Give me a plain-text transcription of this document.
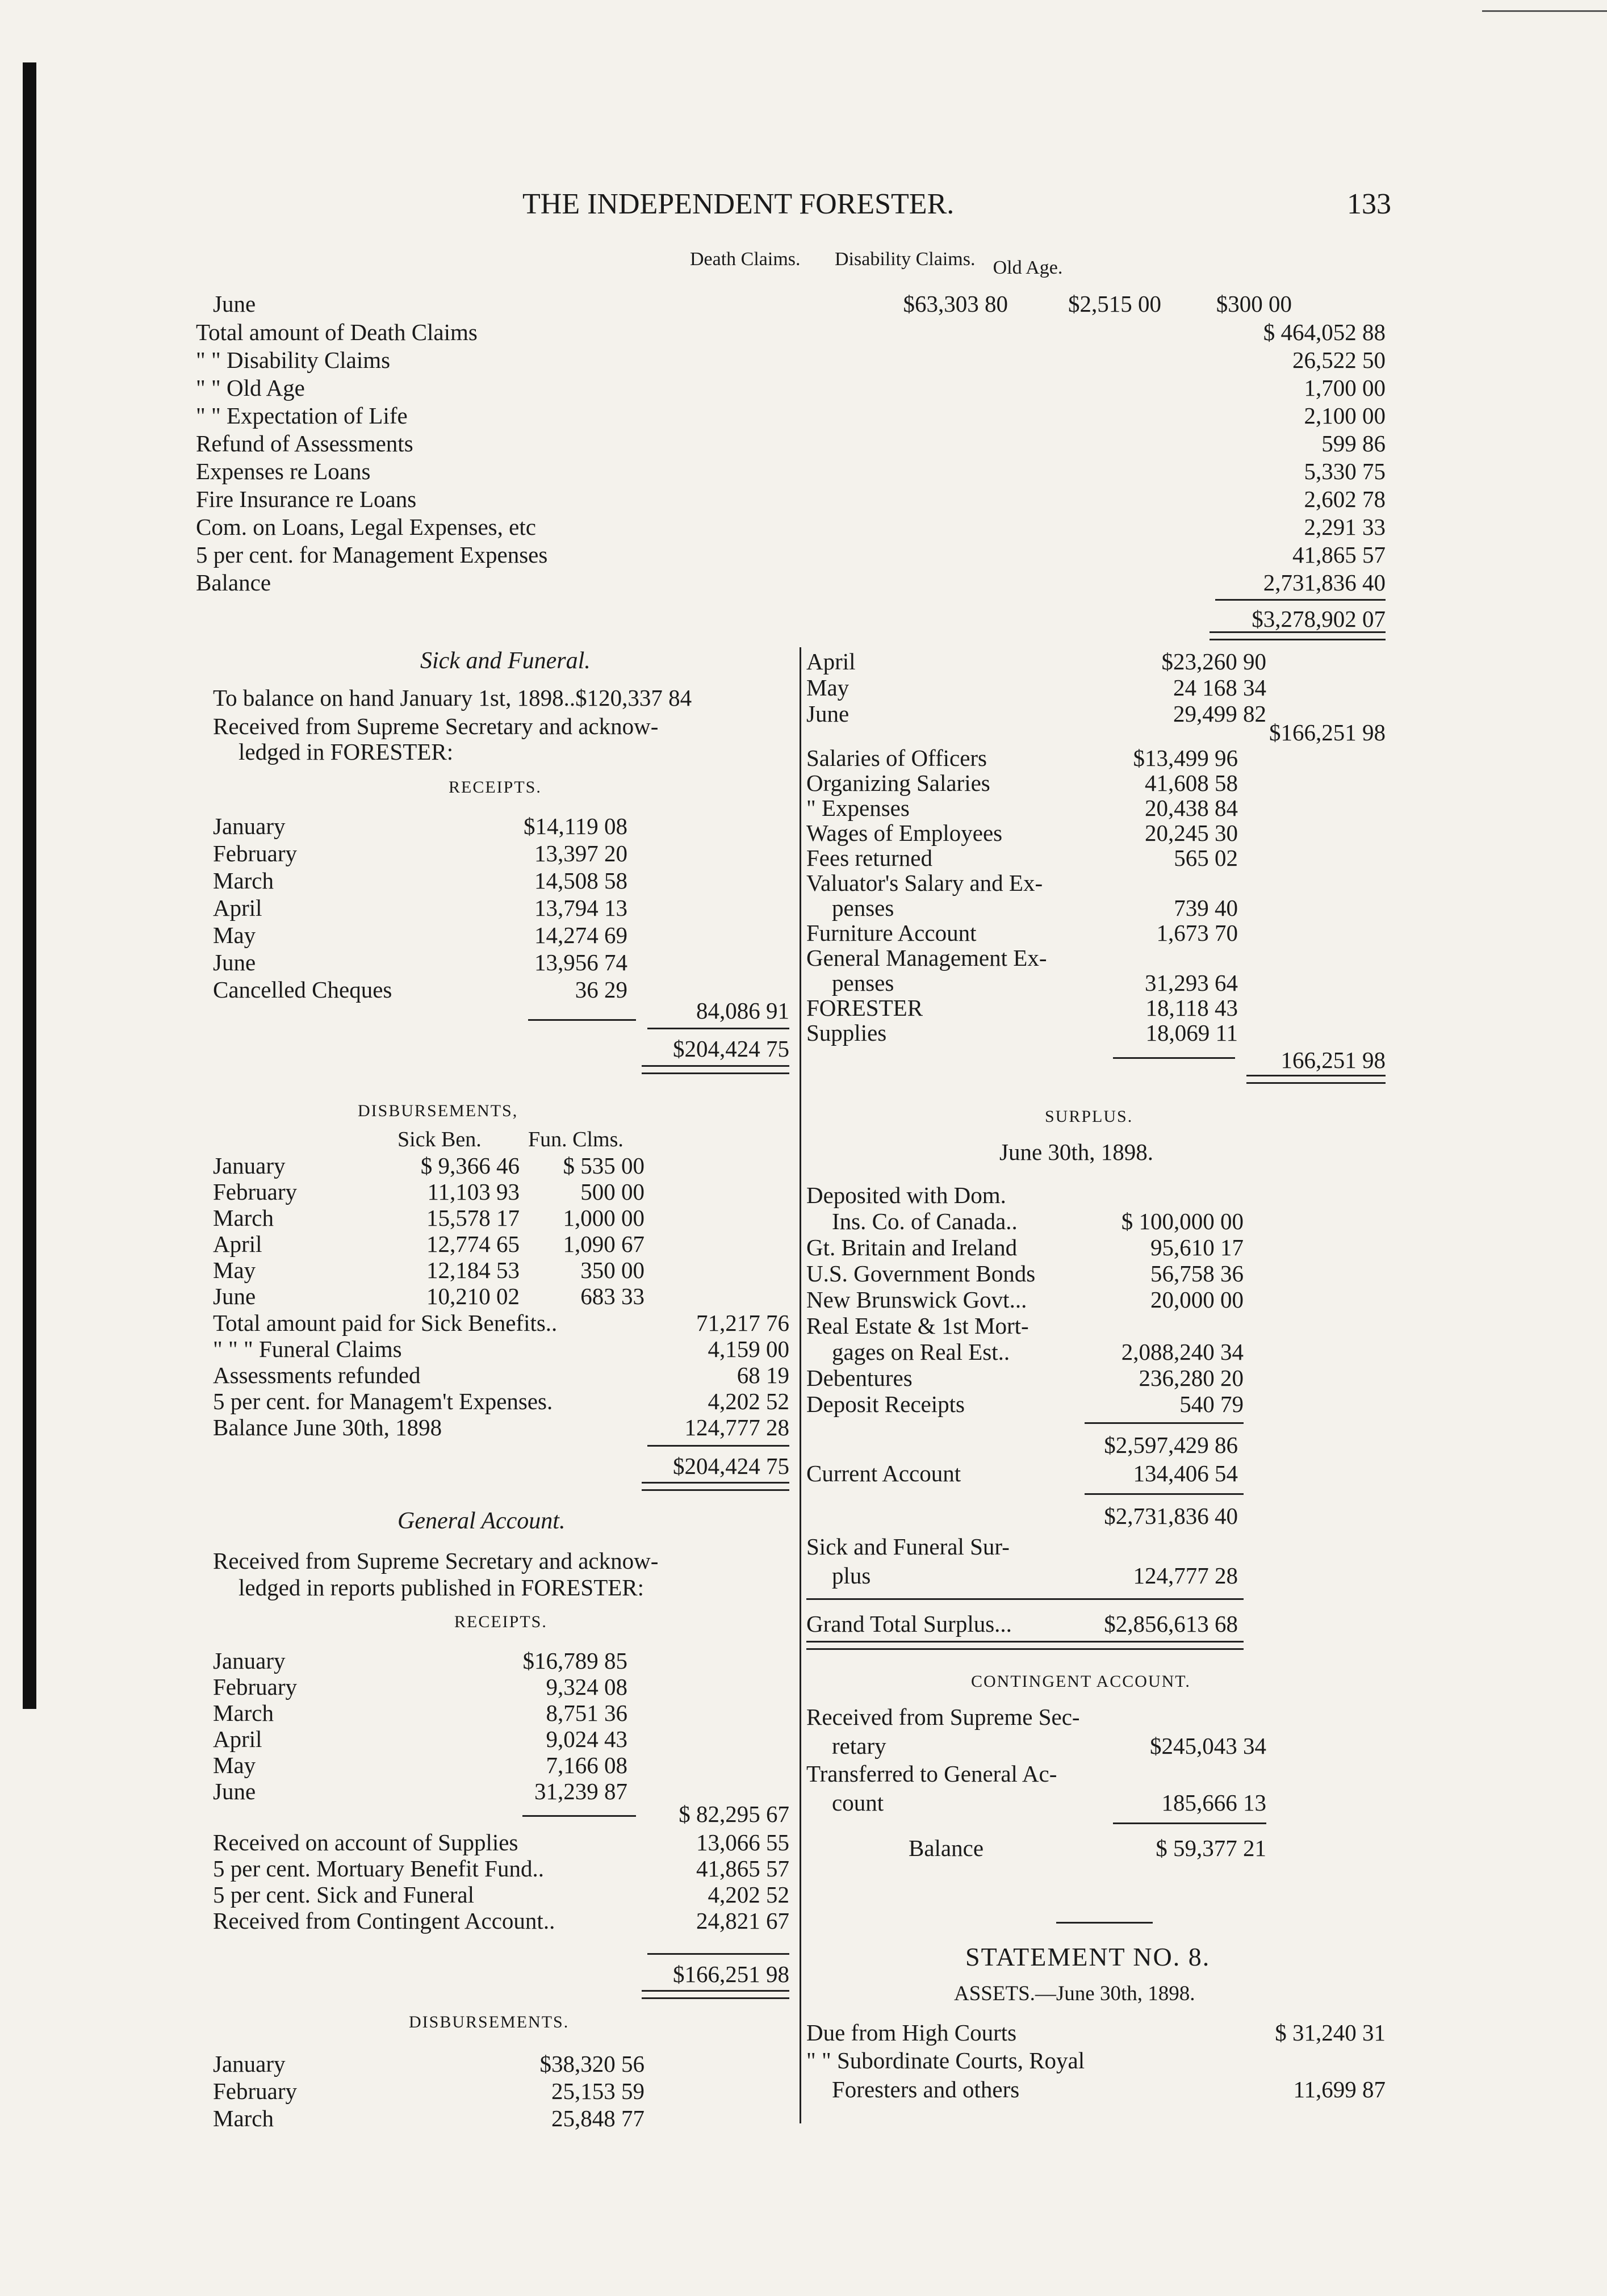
THE INDEPENDENT FORESTER.	133
Death Claims. Disability Claims. Old Age.
June	$63,303 80	$2,515 00	$300 00
Total amount of Death Claims	$ 464,052 88
" " Disability Claims	26,522 50
" " Old Age	1,700 00
" " Expectation of Life	2,100 00
Refund of Assessments	599 86
Expenses re Loans	5,330 75
Fire Insurance re Loans	2,602 78
Com. on Loans, Legal Expenses, etc	2,291 33
5 per cent. for Management Expenses	41,865 57
Balance	2,731,836 40
$3,278,902 07
Sick and Funeral.
To balance on hand January 1st, 1898..$120,337 84
Received from Supreme Secretary and acknow-
ledged in FORESTER:
RECEIPTS.
January	$14,119 08
February	13,397 20
March	14,508 58
April	13,794 13
May	14,274 69
June	13,956 74
Cancelled Cheques	36 29
84,086 91
$204,424 75
DISBURSEMENTS,
Sick Ben. Fun. Clms.
January	$ 9,366 46	$ 535 00
February	11,103 93	500 00
March	15,578 17	1,000 00
April	12,774 65	1,090 67
May	12,184 53	350 00
June	10,210 02	683 33
Total amount paid for Sick Benefits..	71,217 76
" " " Funeral Claims	4,159 00
Assessments refunded	68 19
5 per cent. for Managem't Expenses.	4,202 52
Balance June 30th, 1898	124,777 28
$204,424 75
General Account.
Received from Supreme Secretary and acknow-
ledged in reports published in FORESTER:
RECEIPTS.
January	$16,789 85
February	9,324 08
March	8,751 36
April	9,024 43
May	7,166 08
June	31,239 87
$ 82,295 67
Received on account of Supplies	13,066 55
5 per cent. Mortuary Benefit Fund..	41,865 57
5 per cent. Sick and Funeral	4,202 52
Received from Contingent Account..	24,821 67
$166,251 98
DISBURSEMENTS.
January	$38,320 56
February	25,153 59
March	25,848 77
April	$23,260 90
May	24 168 34
June	29,499 82
$166,251 98
Salaries of Officers	$13,499 96
Organizing Salaries	41,608 58
" Expenses	20,438 84
Wages of Employees	20,245 30
Fees returned	565 02
Valuator's Salary and Ex-
penses	739 40
Furniture Account	1,673 70
General Management Ex-
penses	31,293 64
FORESTER	18,118 43
Supplies	18,069 11
166,251 98
SURPLUS.
June 30th, 1898.
Deposited with Dom.
Ins. Co. of Canada..	$ 100,000 00
Gt. Britain and Ireland	95,610 17
U.S. Government Bonds	56,758 36
New Brunswick Govt...	20,000 00
Real Estate & 1st Mort-
gages on Real Est..	2,088,240 34
Debentures	236,280 20
Deposit Receipts	540 79
$2,597,429 86
Current Account	134,406 54
$2,731,836 40
Sick and Funeral Sur-
plus	124,777 28
Grand Total Surplus...	$2,856,613 68
CONTINGENT ACCOUNT.
Received from Supreme Sec-
retary	$245,043 34
Transferred to General Ac-
count	185,666 13
Balance	$ 59,377 21
STATEMENT NO. 8.
ASSETS.—June 30th, 1898.
Due from High Courts	$ 31,240 31
" " Subordinate Courts, Royal
Foresters and others	11,699 87
